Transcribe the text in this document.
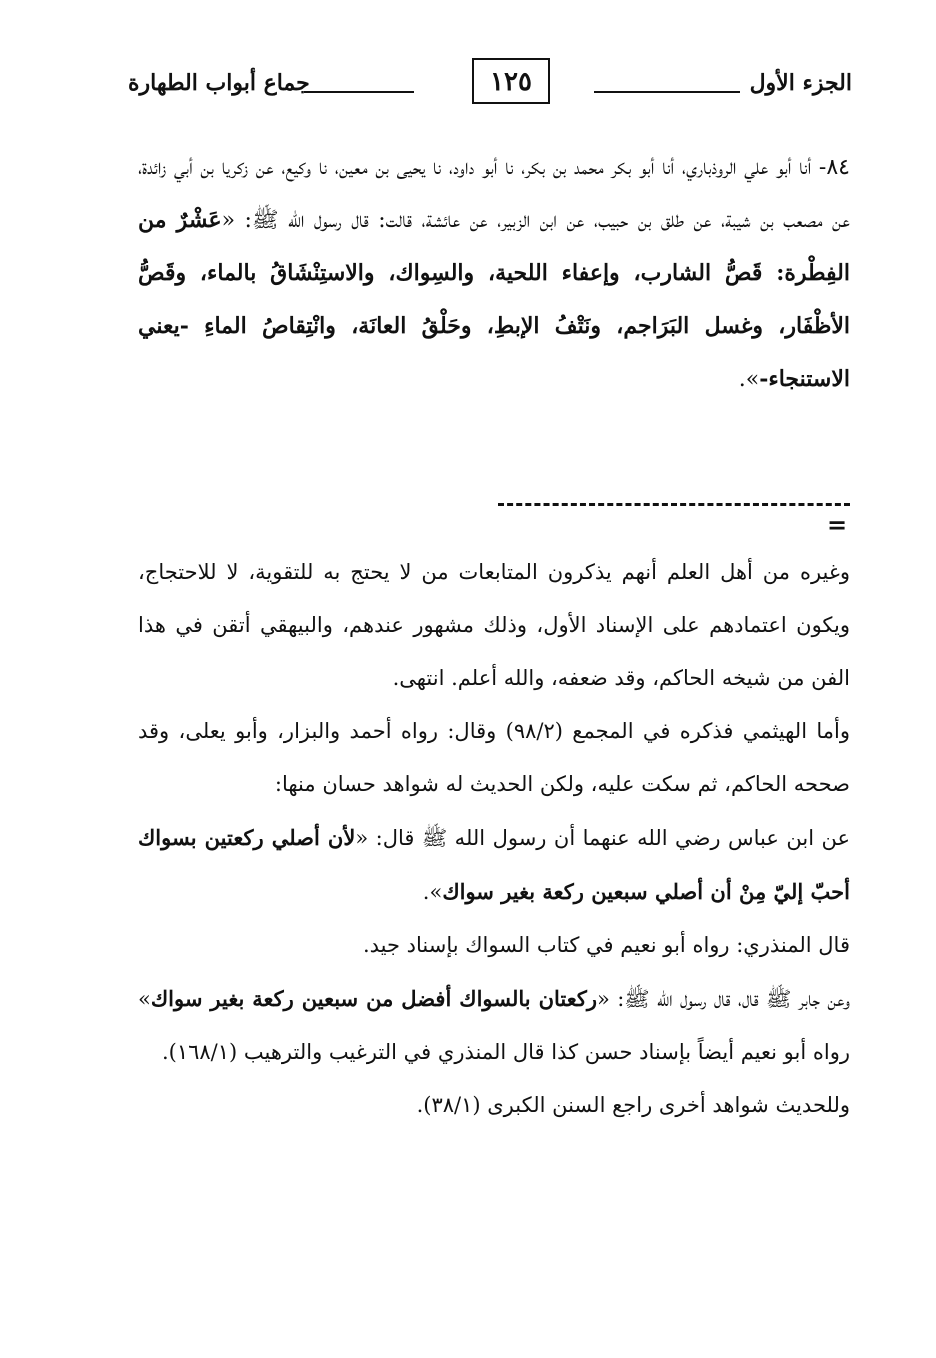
الجزء الأول
١٢٥
جماع أبواب الطهارة
٨٤- أنا أبو علي الروذباري، أنا أبو بكر محمد بن بكر، نا أبو داود، نا يحيى بن معين، نا وكيع، عن زكريا بن أبي زائدة، عن مصعب بن شيبة، عن طلق بن حبيب، عن ابن الزبير، عن عائشة، قالت: قال رسول الله ﷺ: «عَشْرٌ من الفِطْرة: قَصُّ الشارب، وإعفاء اللحية، والسِواك، والاستِنْشَاقُ بالماء، وقَصُّ الأظْفَار، وغسل البَرَاجم، ونَتْفُ الإبطِ، وحَلْقُ العانَة، وانْتِقاصُ الماءِ -يعني الاستنجاء-».
=

وغيره من أهل العلم أنهم يذكرون المتابعات من لا يحتج به للتقوية، لا للاحتجاج، ويكون اعتمادهم على الإسناد الأول، وذلك مشهور عندهم، والبيهقي أتقن في هذا الفن من شيخه الحاكم، وقد ضعفه، والله أعلم. انتهى.

وأما الهيثمي فذكره في المجمع (٩٨/٢) وقال: رواه أحمد والبزار، وأبو يعلى، وقد صححه الحاكم، ثم سكت عليه، ولكن الحديث له شواهد حسان منها:

عن ابن عباس رضي الله عنهما أن رسول الله ﷺ قال: «لأن أصلي ركعتين بسواك أحبّ إليّ مِنْ أن أصلي سبعين ركعة بغير سواك».

قال المنذري: رواه أبو نعيم في كتاب السواك بإسناد جيد.

وعن جابر ﷺ قال، قال رسول الله ﷺ: «ركعتان بالسواك أفضل من سبعين ركعة بغير سواك» رواه أبو نعيم أيضاً بإسناد حسن كذا قال المنذري في الترغيب والترهيب (١٦٨/١).

وللحديث شواهد أخرى راجع السنن الكبرى (٣٨/١).
